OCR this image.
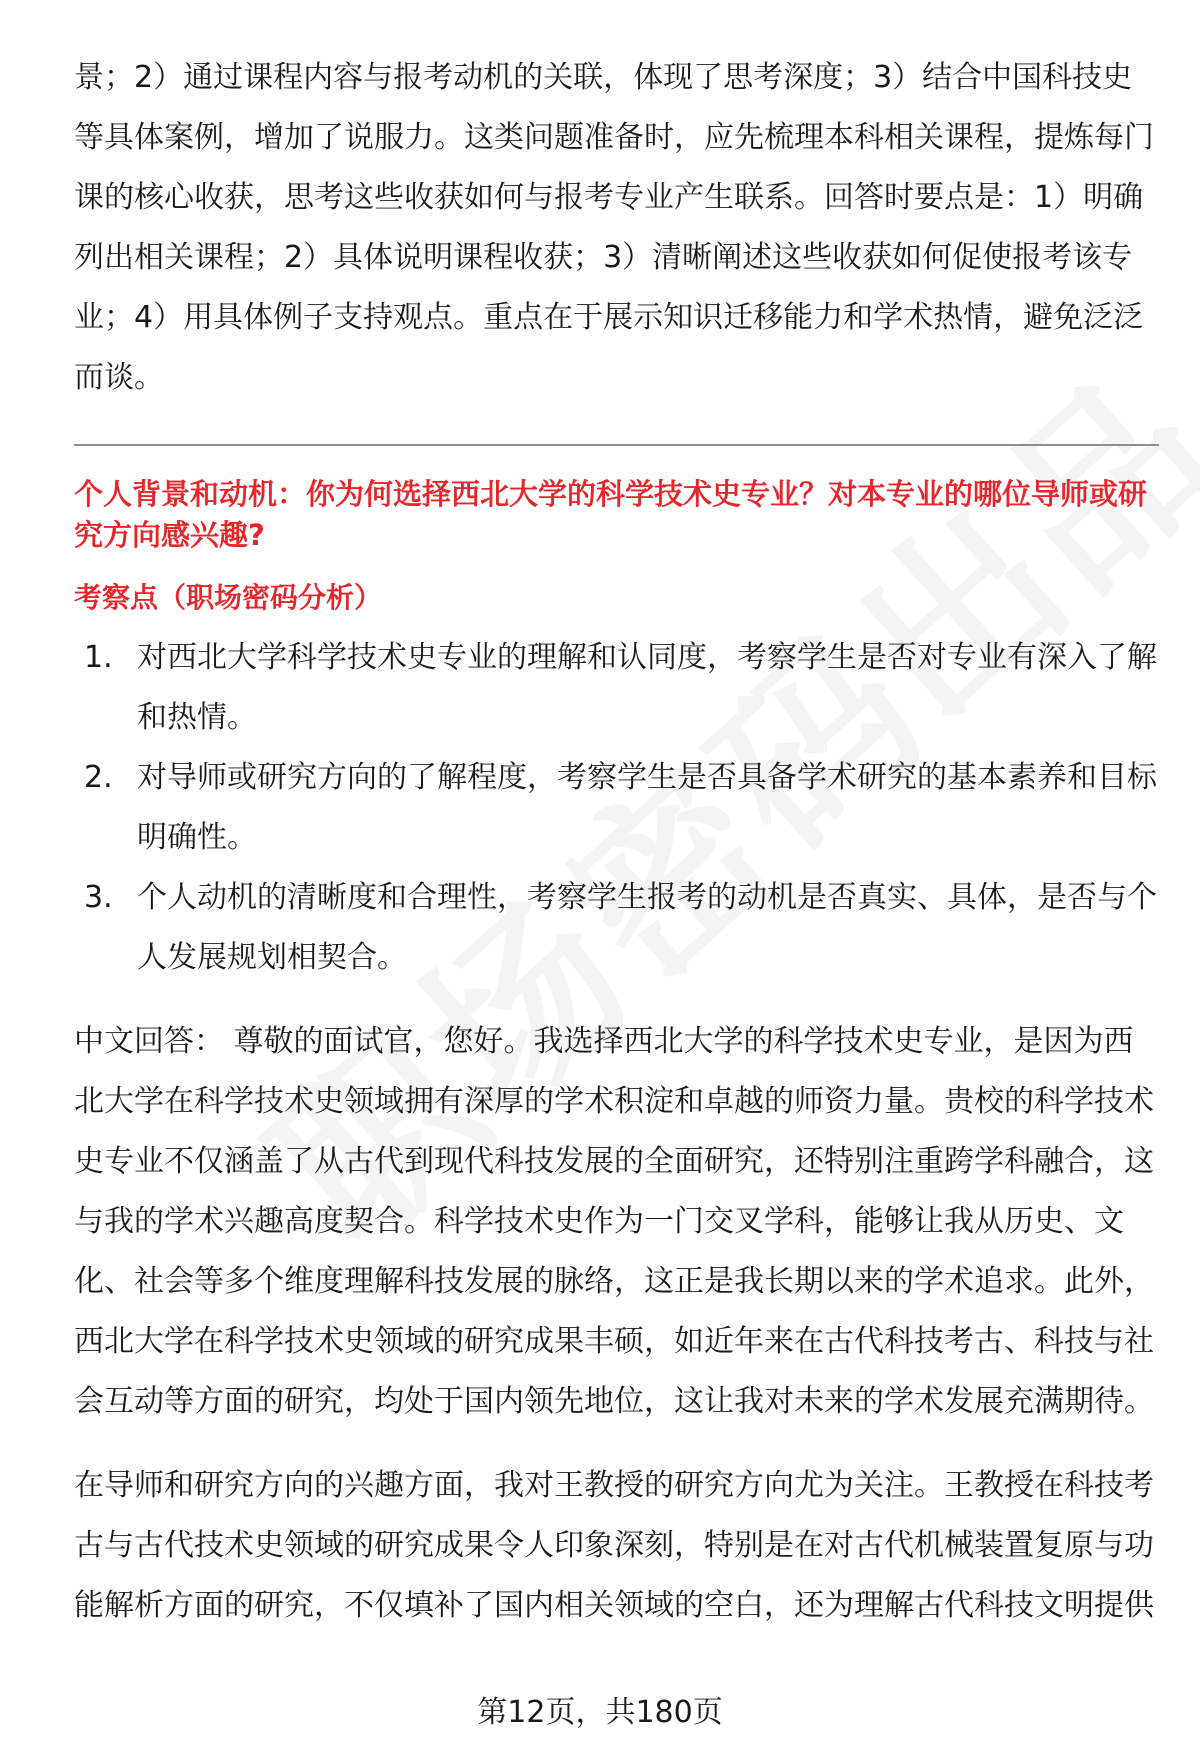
景；2）通过课程内容与报考动机的关联，体现了思考深度；3）结合中国科技史等具体案例，增加了说服力。这类问题准备时，应先梳理本科相关课程，提炼每门课的核心收获，思考这些收获如何与报考专业产生联系。回答时要点是：1）明确列出相关课程；2）具体说明课程收获；3）清晰阐述这些收获如何促使报考该专业；4）用具体例子支持观点。重点在于展示知识迁移能力和学术热情，避免泛泛而谈。

个人背景和动机：你为何选择西北大学的科学技术史专业？对本专业的哪位导师或研究方向感兴趣?

考察点（职场密码分析）

1. 对西北大学科学技术史专业的理解和认同度，考察学生是否对专业有深入了解和热情。
2. 对导师或研究方向的了解程度，考察学生是否具备学术研究的基本素养和目标明确性。
3. 个人动机的清晰度和合理性，考察学生报考的动机是否真实、具体，是否与个人发展规划相契合。

中文回答： 尊敬的面试官，您好。我选择西北大学的科学技术史专业，是因为西北大学在科学技术史领域拥有深厚的学术积淀和卓越的师资力量。贵校的科学技术史专业不仅涵盖了从古代到现代科技发展的全面研究，还特别注重跨学科融合，这与我的学术兴趣高度契合。科学技术史作为一门交叉学科，能够让我从历史、文化、社会等多个维度理解科技发展的脉络，这正是我长期以来的学术追求。此外，西北大学在科学技术史领域的研究成果丰硕，如近年来在古代科技考古、科技与社会互动等方面的研究，均处于国内领先地位，这让我对未来的学术发展充满期待。

在导师和研究方向的兴趣方面，我对王教授的研究方向尤为关注。王教授在科技考古与古代技术史领域的研究成果令人印象深刻，特别是在对古代机械装置复原与功能解析方面的研究，不仅填补了国内相关领域的空白，还为理解古代科技文明提供

第12页，共180页
